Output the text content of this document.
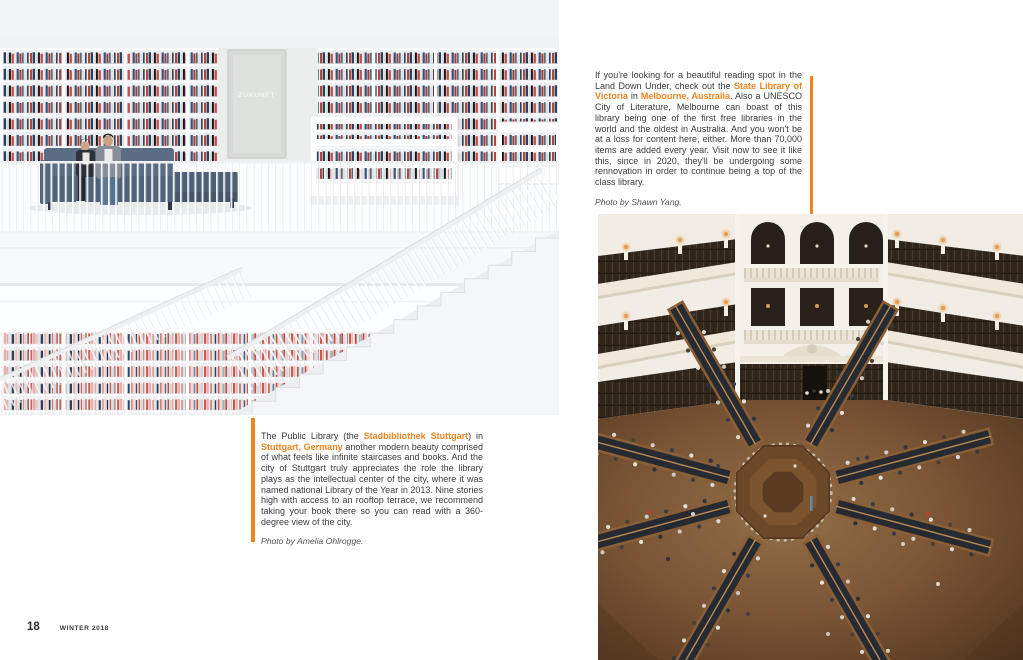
ZUKUNFT

The Public Library (the Stadbibliothek Stuttgart) in Stuttgart, Germany another modern beauty comprised of what feels like infinite staircases and books. And the city of Stuttgart truly appreciates the role the library plays as the intellectual center of the city, where it was named national Library of the Year in 2013. Nine stories high with access to an rooftop terrace, we recommend taking your book there so you can read with a 360-degree view of the city.

Photo by Amelia Ohlrogge.

If you're looking for a beautiful reading spot in the Land Down Under, check out the State Library of Victoria in Melbourne, Australia. Also a UNESCO City of Literature, Melbourne can boast of this library being one of the first free libraries in the world and the oldest in Australia. And you won't be at a loss for content here, either. More than 70,000 items are added every year. Visit now to see it like this, since in 2020, they'll be undergoing some rennovation in order to continue being a top of the class library.

Photo by Shawn Yang.

18	WINTER 2018
